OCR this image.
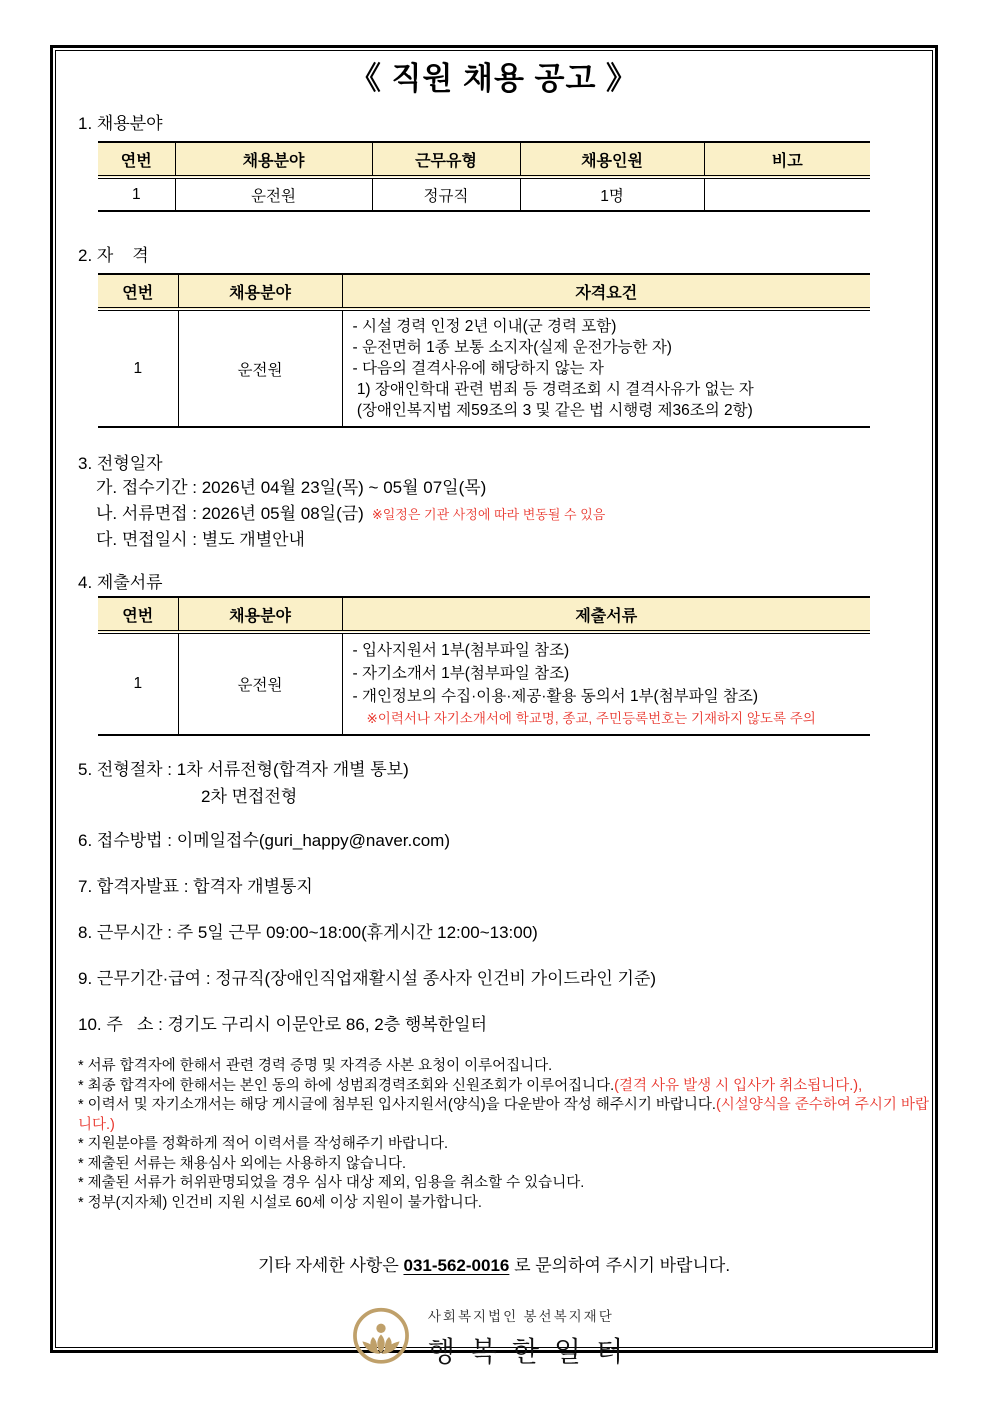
《 직원 채용 공고 》
1. 채용분야
연번	채용분야	근무유형	채용인원	비고
1	운전원	정규직	1명	
2. 자    격
연번	채용분야	자격요건
1	운전원	- 시설 경력 인정 2년 이내(군 경력 포함)
- 운전면허 1종 보통 소지자(실제 운전가능한 자)
- 다음의 결격사유에 해당하지 않는 자
1) 장애인학대 관련 범죄 등 경력조회 시 결격사유가 없는 자
(장애인복지법 제59조의 3 및 같은 법 시행령 제36조의 2항)
3. 전형일자
가. 접수기간 : 2026년 04월 23일(목) ~ 05월 07일(목)
나. 서류면접 : 2026년 05월 08일(금) ※일정은 기관 사정에 따라 변동될 수 있음
다. 면접일시 : 별도 개별안내
4. 제출서류
연번	채용분야	제출서류
1	운전원	- 입사지원서 1부(첨부파일 참조)
- 자기소개서 1부(첨부파일 참조)
- 개인정보의 수집·이용·제공·활용 동의서 1부(첨부파일 참조)
※이력서나 자기소개서에 학교명, 종교, 주민등록번호는 기재하지 않도록 주의
5. 전형절차 : 1차 서류전형(합격자 개별 통보)
2차 면접전형
6. 접수방법 : 이메일접수(guri_happy@naver.com)
7. 합격자발표 : 합격자 개별통지
8. 근무시간 : 주 5일 근무 09:00~18:00(휴게시간 12:00~13:00)
9. 근무기간·급여 : 정규직(장애인직업재활시설 종사자 인건비 가이드라인 기준)
10. 주   소 : 경기도 구리시 이문안로 86, 2층 행복한일터
* 서류 합격자에 한해서 관련 경력 증명 및 자격증 사본 요청이 이루어집니다.
* 최종 합격자에 한해서는 본인 동의 하에 성범죄경력조회와 신원조회가 이루어집니다.(결격 사유 발생 시 입사가 취소됩니다.),
* 이력서 및 자기소개서는 해당 게시글에 첨부된 입사지원서(양식)을 다운받아 작성 해주시기 바랍니다.(시설양식을 준수하여 주시기 바랍니다.)
* 지원분야를 정확하게 적어 이력서를 작성해주기 바랍니다.
* 제출된 서류는 채용심사 외에는 사용하지 않습니다.
* 제출된 서류가 허위판명되었을 경우 심사 대상 제외, 임용을 취소할 수 있습니다.
* 정부(지자체) 인건비 지원 시설로 60세 이상 지원이 불가합니다.
기타 자세한 사항은 031-562-0016 로 문의하여 주시기 바랍니다.
사회복지법인 봉선복지재단
행복한일터
